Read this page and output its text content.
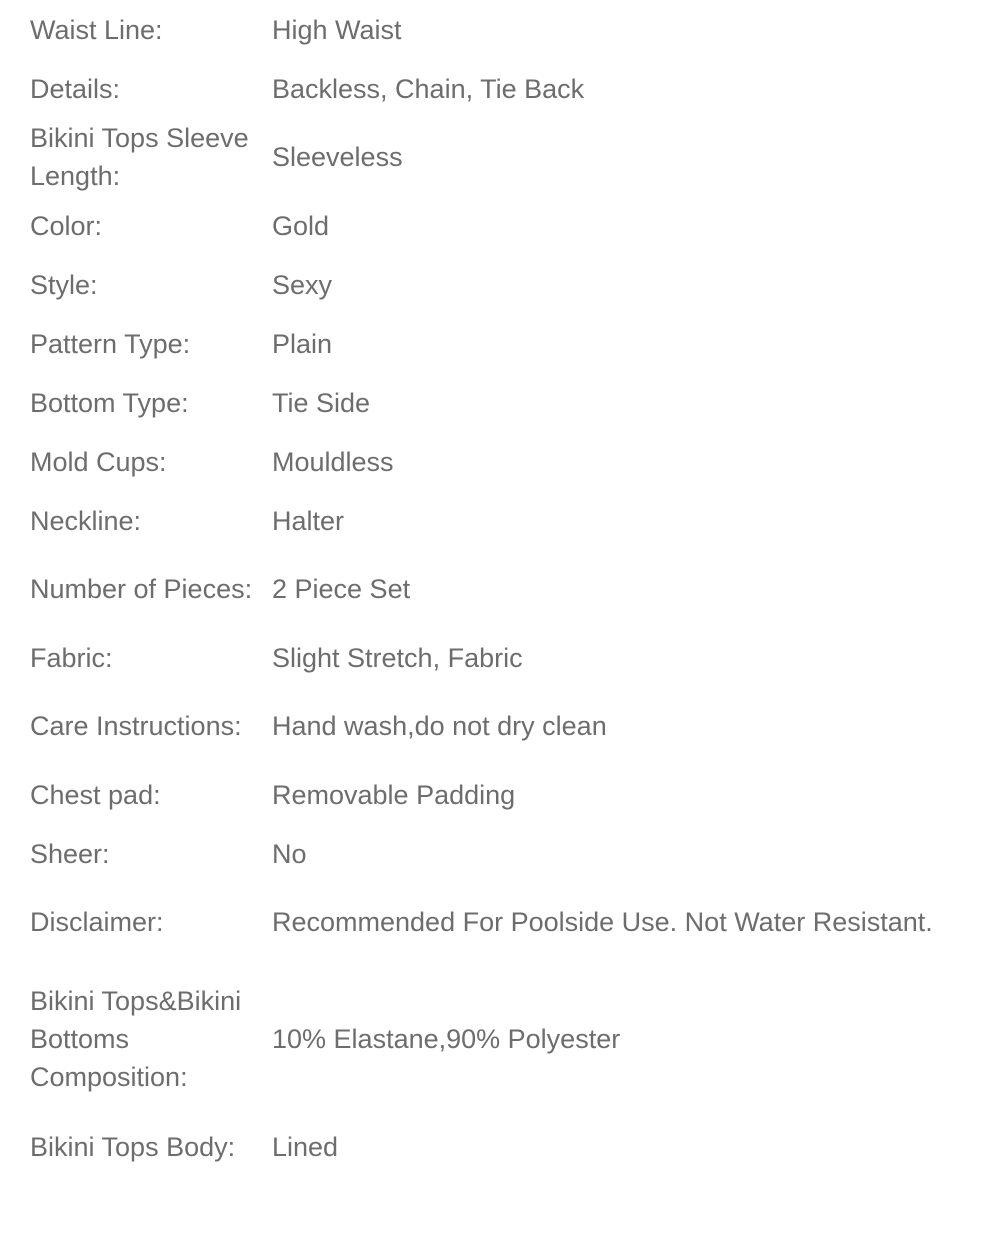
Waist Line:	High Waist
Details:	Backless, Chain, Tie Back
Bikini Tops Sleeve Length:
Sleeveless
Color:	Gold
Style:	Sexy
Pattern Type:	Plain
Bottom Type:	Tie Side
Mold Cups:	Mouldless
Neckline:	Halter
Number of Pieces: 2 Piece Set
Fabric:	Slight Stretch, Fabric
Care Instructions:	Hand wash,do not dry clean
Chest pad:	Removable Padding
Sheer:	No
Disclaimer:	Recommended For Poolside Use. Not Water Resistant.
Bikini Tops&Bikini Bottoms Composition:
10% Elastane,90% Polyester
Bikini Tops Body:	Lined
